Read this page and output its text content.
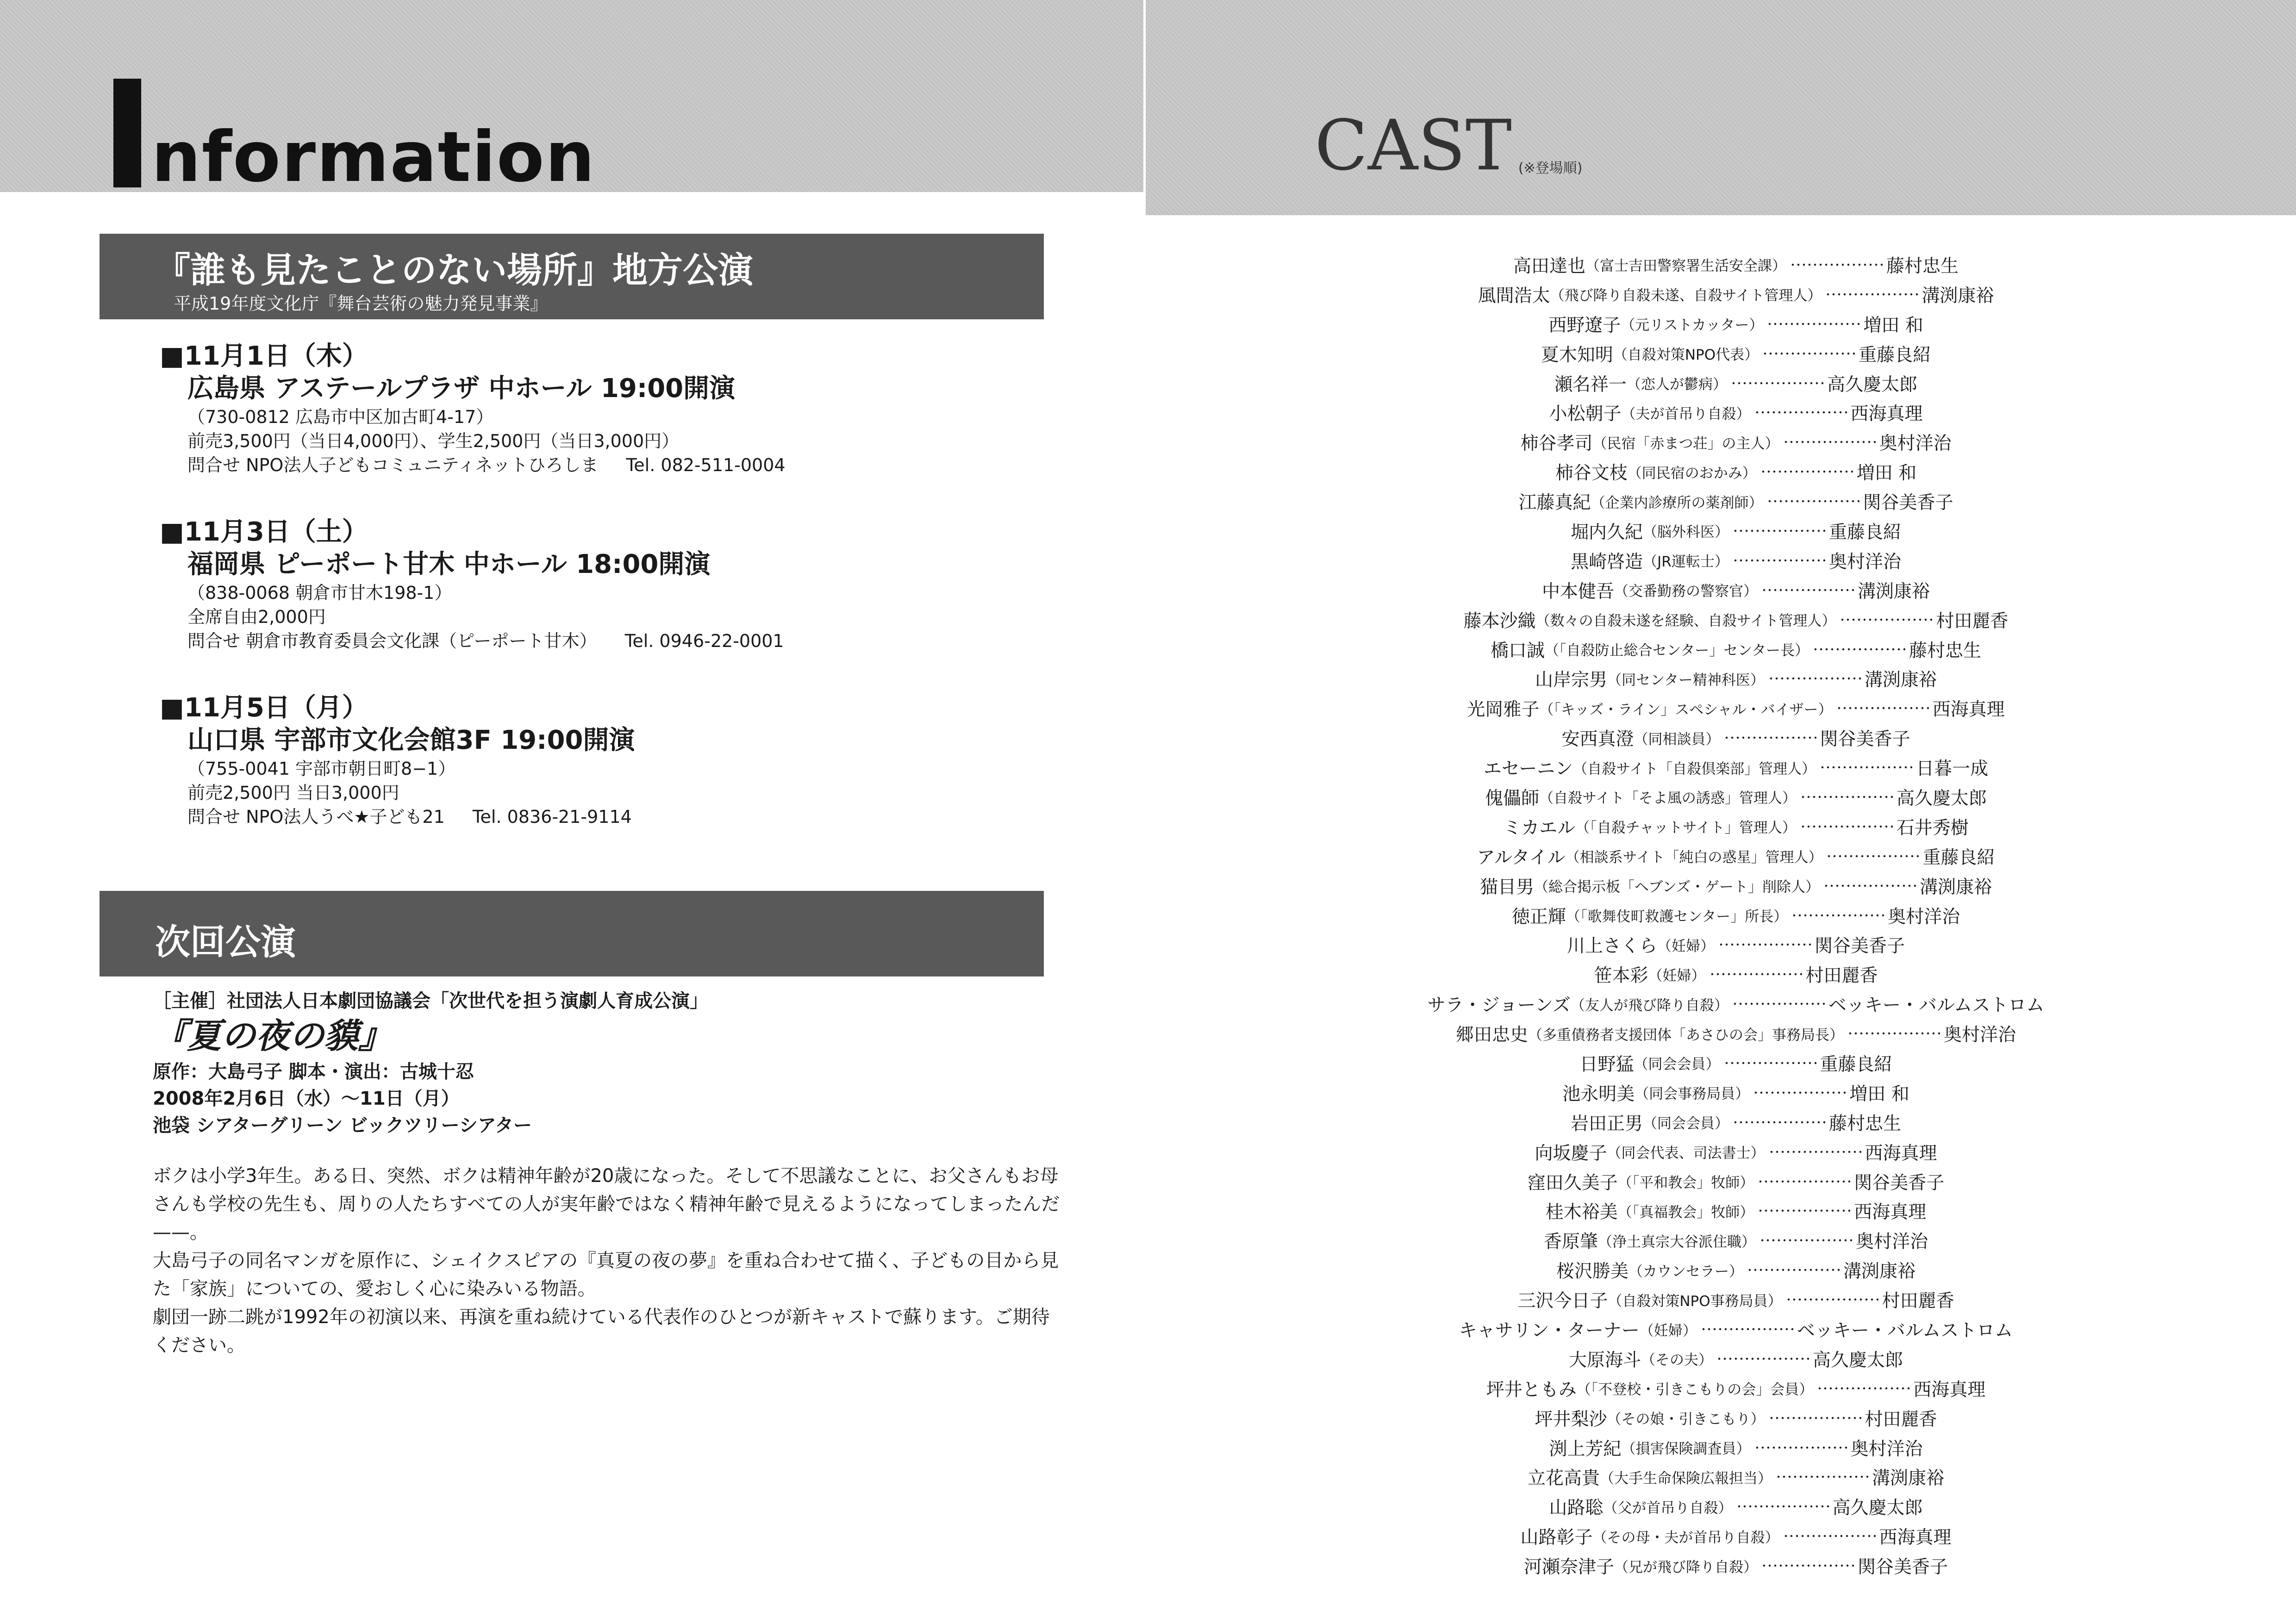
nformation	CAST (※登場順)
『誰も見たことのない場所』地方公演
平成19年度文化庁『舞台芸術の魅力発見事業』
■11月1日（木）
広島県 アステールプラザ 中ホール 19:00開演
（730-0812 広島市中区加古町4-17）
前売3,500円（当日4,000円）、学生2,500円（当日3,000円）
問合せ NPO法人子どもコミュニティネットひろしま Tel. 082-511-0004
■11月3日（土）
福岡県 ピーポート甘木 中ホール 18:00開演
（838-0068 朝倉市甘木198-1）
全席自由2,000円
問合せ 朝倉市教育委員会文化課（ピーポート甘木） Tel. 0946-22-0001
■11月5日（月）
山口県 宇部市文化会館3F 19:00開演
（755-0041 宇部市朝日町8−1）
前売2,500円 当日3,000円
問合せ NPO法人うべ★子ども21 Tel. 0836-21-9114
次回公演
［主催］社団法人日本劇団協議会「次世代を担う演劇人育成公演」
『夏の夜の貘』
原作：大島弓子 脚本・演出：古城十忍
2008年2月6日（水）〜11日（月）
池袋 シアターグリーン ビックツリーシアター

ボクは小学3年生。ある日、突然、ボクは精神年齢が20歳になった。そして不思議なことに、お父さんもお母さんも学校の先生も、周りの人たちすべての人が実年齢ではなく精神年齢で見えるようになってしまったんだ——。

大島弓子の同名マンガを原作に、シェイクスピアの『真夏の夜の夢』を重ね合わせて描く、子どもの目から見た「家族」についての、愛おしく心に染みいる物語。

劇団一跡二跳が1992年の初演以来、再演を重ね続けている代表作のひとつが新キャストで蘇ります。ご期待ください。

高田達也 （富士吉田警察署生活安全課）	藤村忠生
風間浩太 （飛び降り自殺未遂、自殺サイト管理人）	溝渕康裕
西野遼子 （元リストカッター）	増田 和
夏木知明 （自殺対策NPO代表）	重藤良紹
瀬名祥一 （恋人が鬱病）	高久慶太郎
小松朝子 （夫が首吊り自殺）	西海真理
柿谷孝司 （民宿「赤まつ荘」の主人）	奥村洋治
柿谷文枝 （同民宿のおかみ）	増田 和
江藤真紀 （企業内診療所の薬剤師）	関谷美香子
堀内久紀 （脳外科医）	重藤良紹
黒崎啓造 （JR運転士）	奥村洋治
中本健吾 （交番勤務の警察官）	溝渕康裕
藤本沙織 （数々の自殺未遂を経験、自殺サイト管理人）	村田麗香
橋口誠 （「自殺防止総合センター」センター長）	藤村忠生
山岸宗男 （同センター精神科医）	溝渕康裕
光岡雅子 （「キッズ・ライン」スペシャル・バイザー）	西海真理
安西真澄 （同相談員）	関谷美香子
エセーニン （自殺サイト「自殺倶楽部」管理人）	日暮一成
傀儡師 （自殺サイト「そよ風の誘惑」管理人）	高久慶太郎
ミカエル （「自殺チャットサイト」管理人）	石井秀樹
アルタイル （相談系サイト「純白の惑星」管理人）	重藤良紹
猫目男 （総合掲示板「ヘブンズ・ゲート」削除人）	溝渕康裕
徳正輝 （「歌舞伎町救護センター」所長）	奥村洋治
川上さくら （妊婦）	関谷美香子
笹本彩 （妊婦）	村田麗香
サラ・ジョーンズ （友人が飛び降り自殺）	ベッキー・バルムストロム
郷田忠史 （多重債務者支援団体「あさひの会」事務局長）	奥村洋治
日野猛 （同会会員）	重藤良紹
池永明美 （同会事務局員）	増田 和
岩田正男 （同会会員）	藤村忠生
向坂慶子 （同会代表、司法書士）	西海真理
窪田久美子 （「平和教会」牧師）	関谷美香子
桂木裕美 （「真福教会」牧師）	西海真理
香原肇 （浄土真宗大谷派住職）	奥村洋治
桜沢勝美 （カウンセラー）	溝渕康裕
三沢今日子 （自殺対策NPO事務局員）	村田麗香
キャサリン・ターナー （妊婦）	ベッキー・バルムストロム
大原海斗 （その夫）	高久慶太郎
坪井ともみ （「不登校・引きこもりの会」会員）	西海真理
坪井梨沙 （その娘・引きこもり）	村田麗香
渕上芳紀 （損害保険調査員）	奥村洋治
立花高貴 （大手生命保険広報担当）	溝渕康裕
山路聡 （父が首吊り自殺）	高久慶太郎
山路彰子 （その母・夫が首吊り自殺）	西海真理
河瀬奈津子 （兄が飛び降り自殺）	関谷美香子
